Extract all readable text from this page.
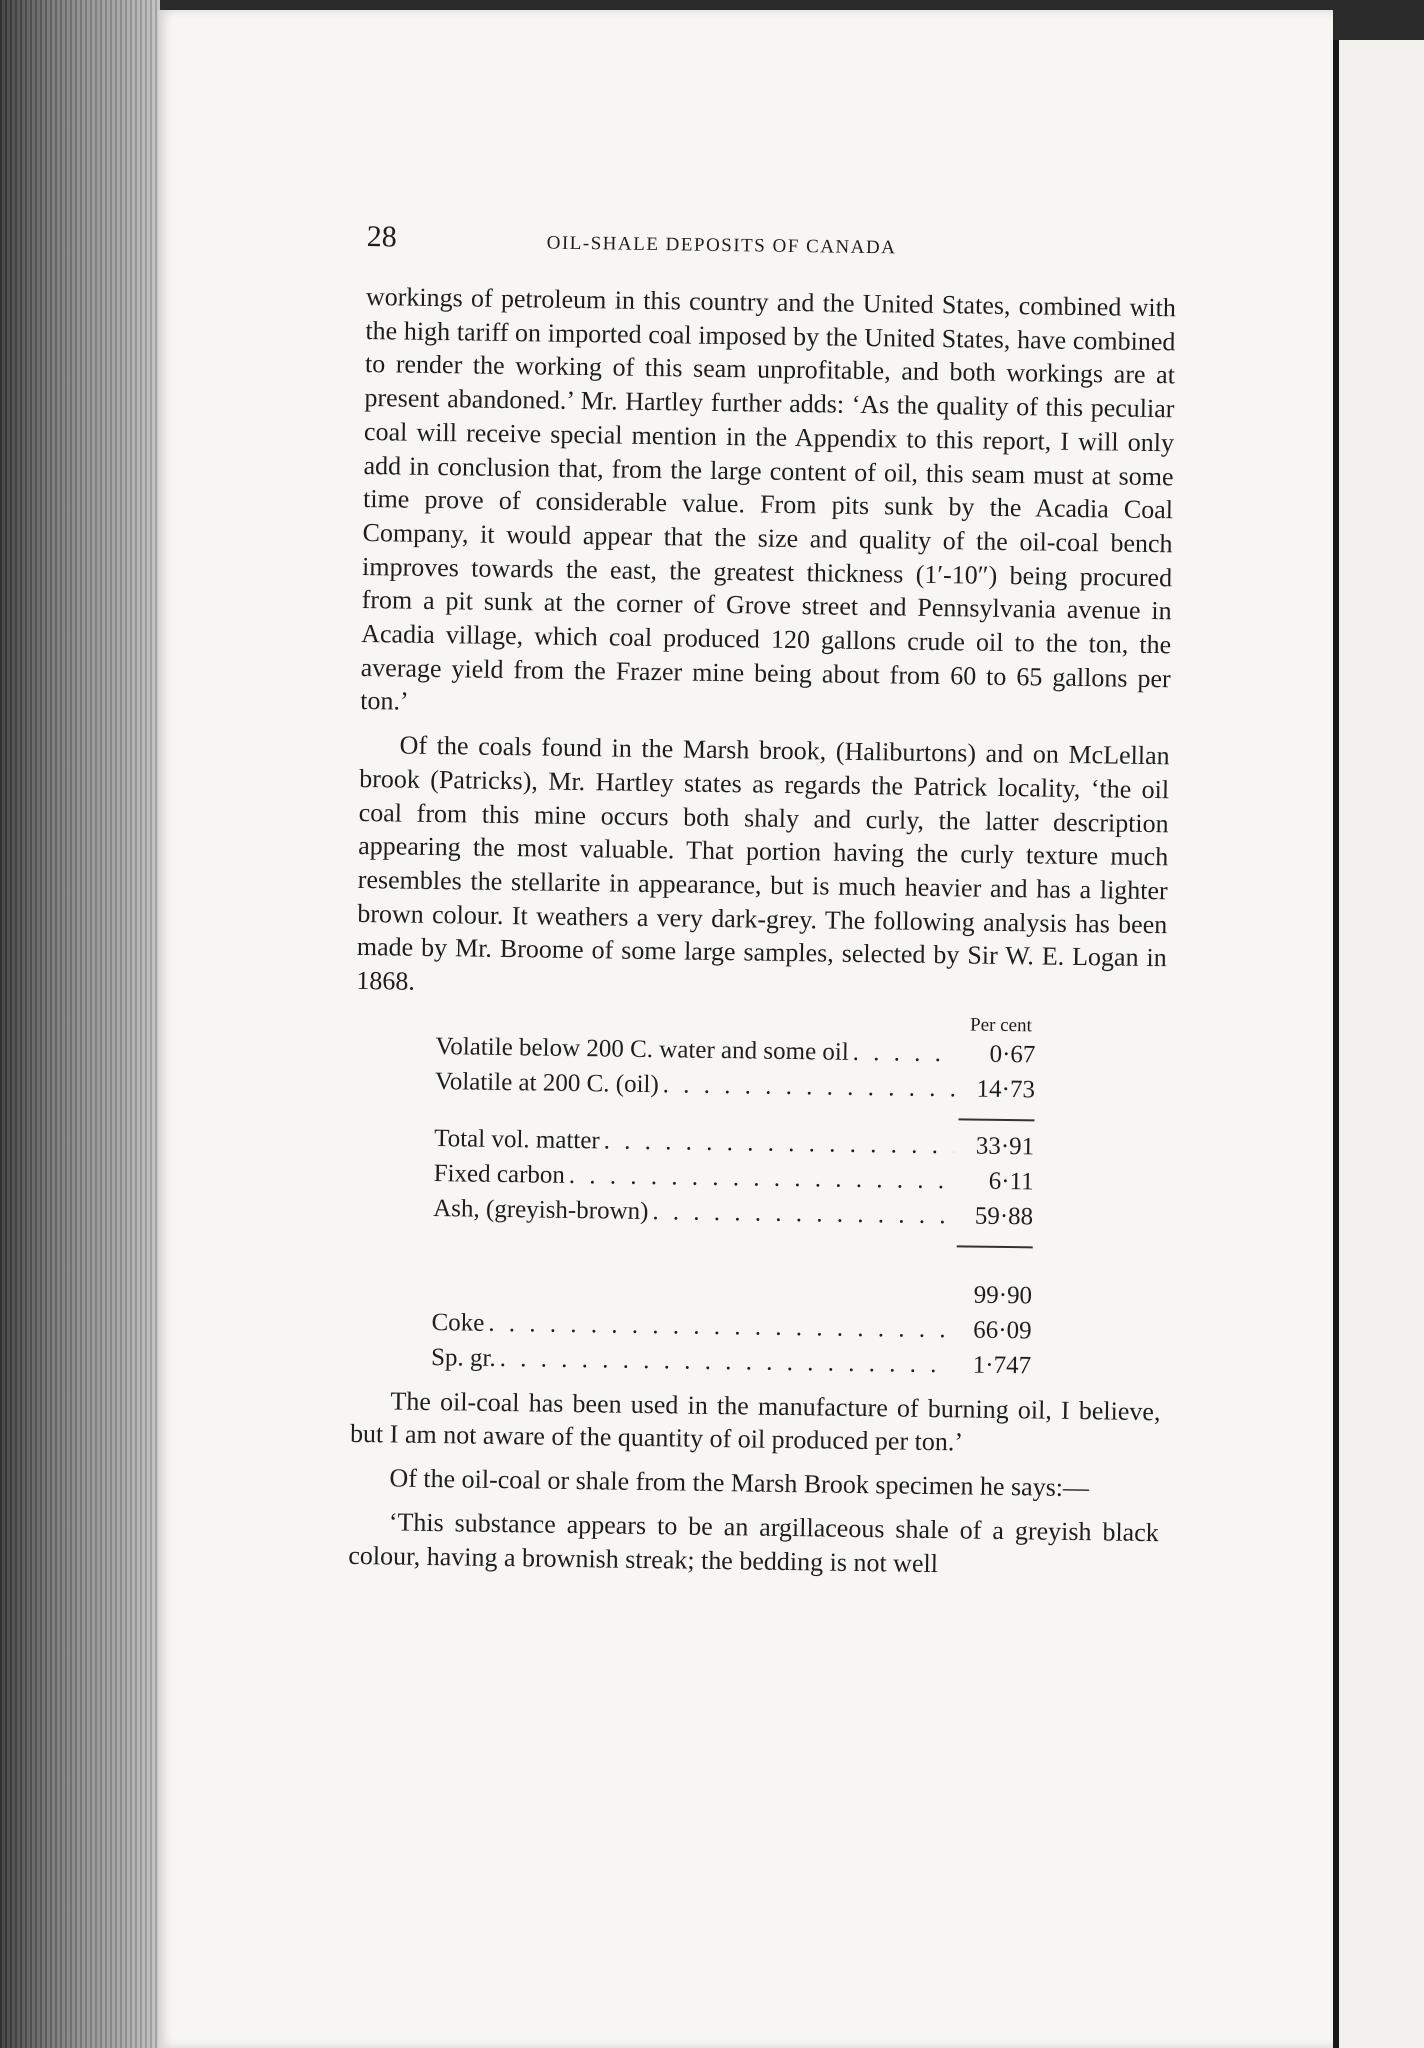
28	OIL-SHALE DEPOSITS OF CANADA

workings of petroleum in this country and the United States, combined with the high tariff on imported coal imposed by the United States, have combined to render the working of this seam unprofitable, and both workings are at present abandoned.’ Mr. Hartley further adds: ‘As the quality of this peculiar coal will receive special mention in the Appendix to this report, I will only add in conclusion that, from the large content of oil, this seam must at some time prove of considerable value. From pits sunk by the Acadia Coal Company, it would appear that the size and quality of the oil-coal bench improves towards the east, the greatest thickness (1′-10″) being procured from a pit sunk at the corner of Grove street and Pennsylvania avenue in Acadia village, which coal produced 120 gallons crude oil to the ton, the average yield from the Frazer mine being about from 60 to 65 gallons per ton.’

Of the coals found in the Marsh brook, (Haliburtons) and on McLellan brook (Patricks), Mr. Hartley states as regards the Patrick locality, ‘the oil coal from this mine occurs both shaly and curly, the latter description appearing the most valuable. That portion having the curly texture much resembles the stellarite in appearance, but is much heavier and has a lighter brown colour. It weathers a very dark-grey. The following analysis has been made by Mr. Broome of some large samples, selected by Sir W. E. Logan in 1868.

Per cent
Volatile below 200 C. water and some oil . . .	0·67
Volatile at 200 C. (oil) . . .	14·73
Total vol. matter . . .	33·91
Fixed carbon . . .	6·11
Ash, (greyish-brown) . . .	59·88
99·90
Coke . . .	66·09
Sp. gr. . . .	1·747

The oil-coal has been used in the manufacture of burning oil, I believe, but I am not aware of the quantity of oil produced per ton.’

Of the oil-coal or shale from the Marsh Brook specimen he says:—

‘This substance appears to be an argillaceous shale of a greyish black colour, having a brownish streak; the bedding is not well
